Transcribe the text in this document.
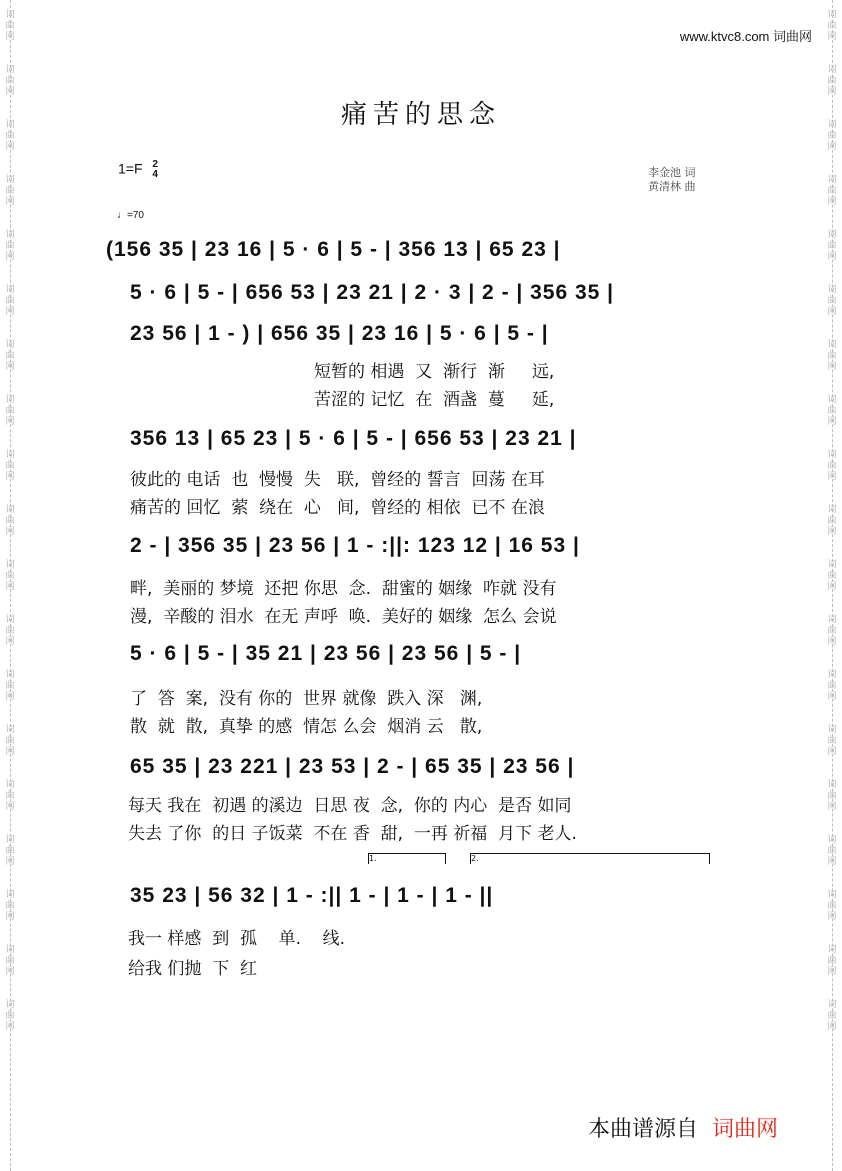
词
曲
网

词
曲
网

词
曲
网

词
曲
网

词
曲
网

词
曲
网

词
曲
网

词
曲
网

词
曲
网

词
曲
网

词
曲
网

词
曲
网

词
曲
网

词
曲
网

词
曲
网

词
曲
网

词
曲
网

词
曲
网

词
曲
网

词
曲
网

词
曲
网

词
曲
网

词
曲
网

词
曲
网

词
曲
网

词
曲
网

词
曲
网

词
曲
网

词
曲
网

词
曲
网

词
曲
网

词
曲
网

词
曲
网

词
曲
网

词
曲
网

词
曲
网

词
曲
网

词
曲
网

www.ktvc8.com 词曲网
痛苦的思念
1=F 2
4	李金池 词
黄清林 曲
♩=70
(156 35 | 23 16 | 5 · 6 | 5 - | 356 13 | 65 23 |
5 · 6 | 5 - | 656 53 | 23 21 | 2 · 3 | 2 - | 356 35 |
23 56 | 1 - ) | 656 35 | 23 16 | 5 · 6 | 5 - |
短暂的 相遇  又  渐行  渐     远,
苦涩的 记忆  在  酒盏  蔓     延,
356 13 | 65 23 | 5 · 6 | 5 - | 656 53 | 23 21 |
彼此的 电话  也  慢慢  失   联,  曾经的 誓言  回荡 在耳
痛苦的 回忆  萦  绕在  心   间,  曾经的 相依  已不 在浪
2 - | 356 35 | 23 56 | 1 - :||: 123 12 | 16 53 |
畔,  美丽的 梦境  还把 你思  念.  甜蜜的 姻缘  咋就 没有
漫,  辛酸的 泪水  在无 声呼  唤.  美好的 姻缘  怎么 会说
5 · 6 | 5 - | 35 21 | 23 56 | 23 56 | 5 - |
了  答  案,  没有 你的  世界 就像  跌入 深   渊,
散  就  散,  真挚 的感  情怎 么会  烟消 云   散,
65 35 | 23 221 | 23 53 | 2 - | 65 35 | 23 56 |
每天 我在  初遇 的溪边  日思 夜  念,  你的 内心  是否 如同
失去 了你  的日 子饭菜  不在 香  甜,  一再 祈福  月下 老人.
1.	2.
35 23 | 56 32 | 1 - :|| 1 - | 1 - | 1 - ||
我一 样感  到  孤    单.    线.
给我 们抛  下  红
本曲谱源自 词曲网
